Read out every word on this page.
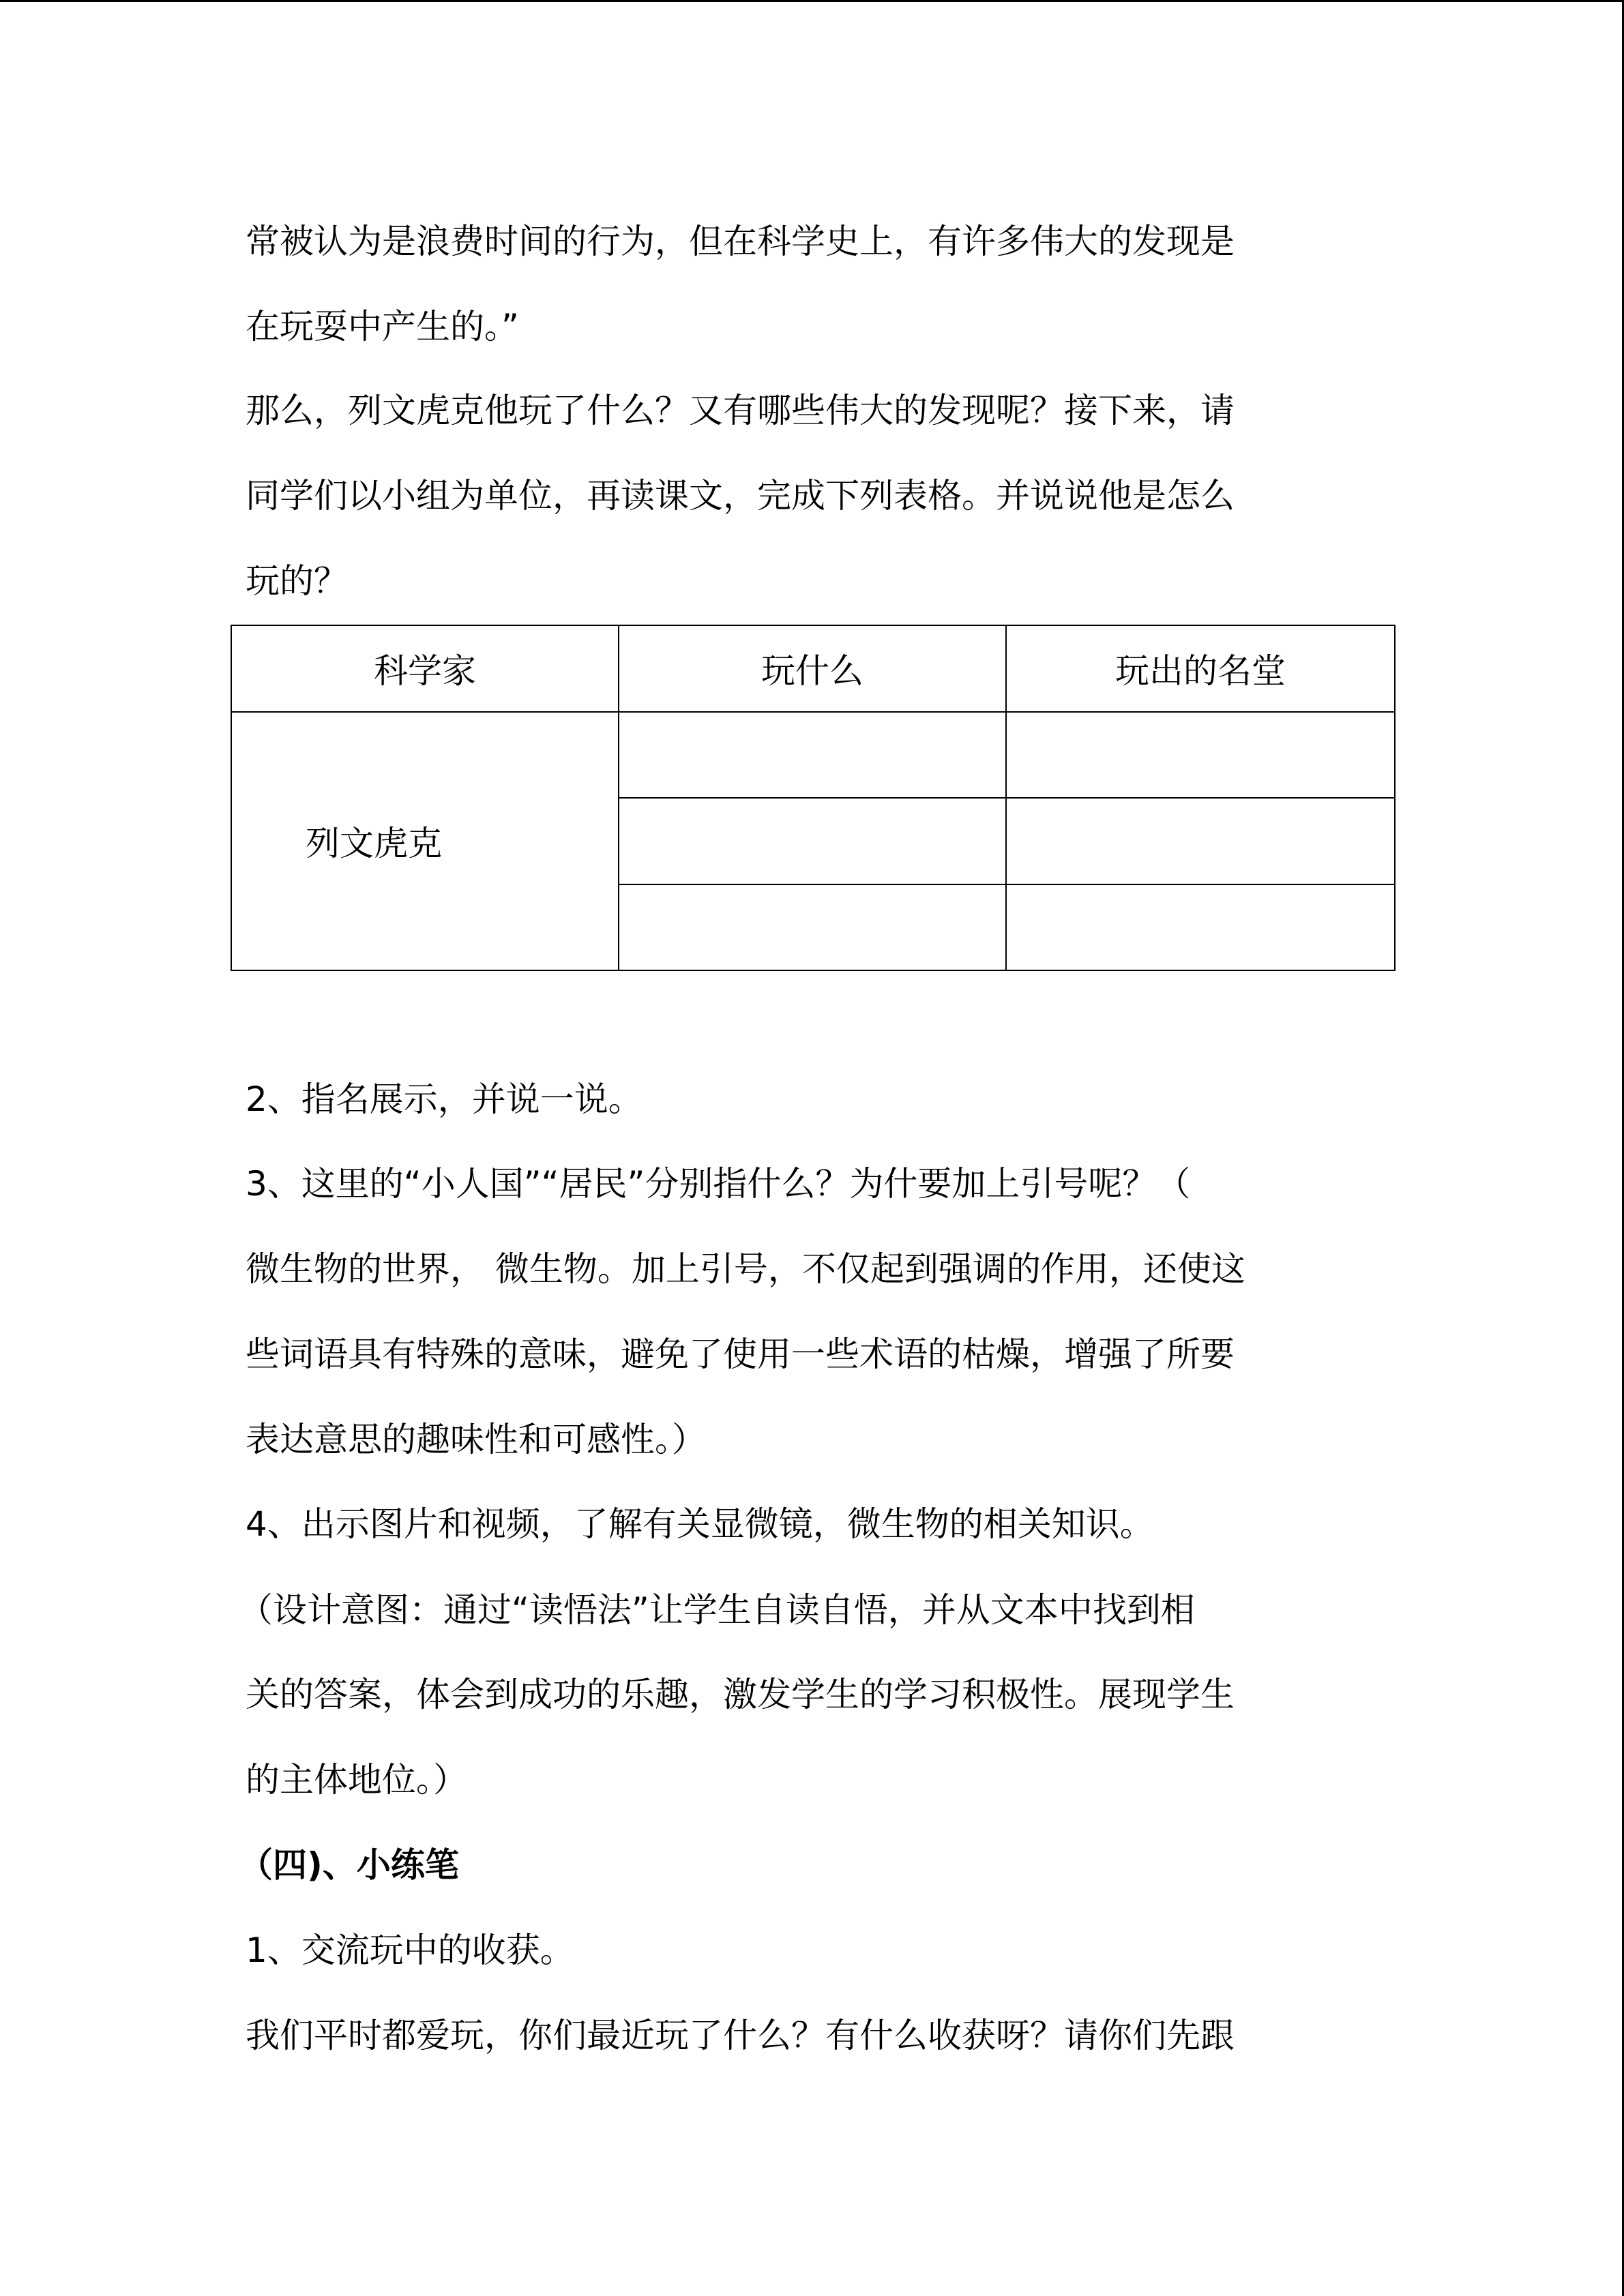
常被认为是浪费时间的行为，但在科学史上，有许多伟大的发现是
在玩耍中产生的。”
那么，列文虎克他玩了什么？又有哪些伟大的发现呢？接下来，请
同学们以小组为单位，再读课文，完成下列表格。并说说他是怎么
玩的？
科学家	玩什么	玩出的名堂
列文虎克		

2、指名展示，并说一说。
3、这里的“小人国”“居民”分别指什么？为什要加上引号呢？（
微生物的世界， 微生物。加上引号，不仅起到强调的作用，还使这
些词语具有特殊的意味，避免了使用一些术语的枯燥，增强了所要
表达意思的趣味性和可感性。）
4、出示图片和视频，了解有关显微镜，微生物的相关知识。
（设计意图：通过“读悟法”让学生自读自悟，并从文本中找到相
关的答案，体会到成功的乐趣，激发学生的学习积极性。展现学生
的主体地位。）
（四)、小练笔
1、交流玩中的收获。
我们平时都爱玩，你们最近玩了什么？有什么收获呀？请你们先跟
